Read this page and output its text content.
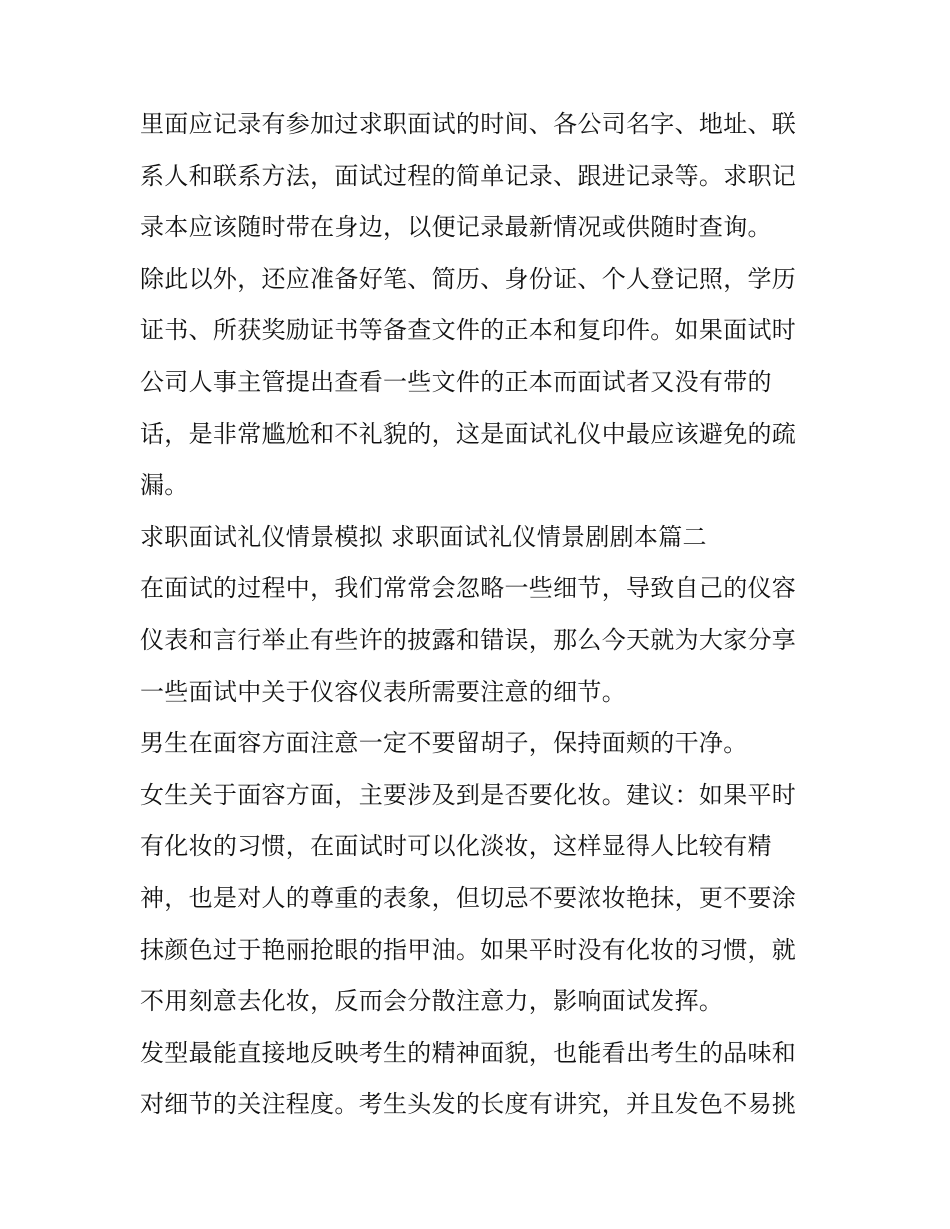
里面应记录有参加过求职面试的时间、各公司名字、地址、联
系人和联系方法，面试过程的简单记录、跟进记录等。求职记
录本应该随时带在身边，以便记录最新情况或供随时查询。
除此以外，还应准备好笔、简历、身份证、个人登记照，学历
证书、所获奖励证书等备查文件的正本和复印件。如果面试时
公司人事主管提出查看一些文件的正本而面试者又没有带的
话，是非常尴尬和不礼貌的，这是面试礼仪中最应该避免的疏
漏。
求职面试礼仪情景模拟 求职面试礼仪情景剧剧本篇二
在面试的过程中，我们常常会忽略一些细节，导致自己的仪容
仪表和言行举止有些许的披露和错误，那么今天就为大家分享
一些面试中关于仪容仪表所需要注意的细节。
男生在面容方面注意一定不要留胡子，保持面颊的干净。
女生关于面容方面，主要涉及到是否要化妆。建议：如果平时
有化妆的习惯，在面试时可以化淡妆，这样显得人比较有精
神，也是对人的尊重的表象，但切忌不要浓妆艳抹，更不要涂
抹颜色过于艳丽抢眼的指甲油。如果平时没有化妆的习惯，就
不用刻意去化妆，反而会分散注意力，影响面试发挥。
发型最能直接地反映考生的精神面貌，也能看出考生的品味和
对细节的关注程度。考生头发的长度有讲究，并且发色不易挑
